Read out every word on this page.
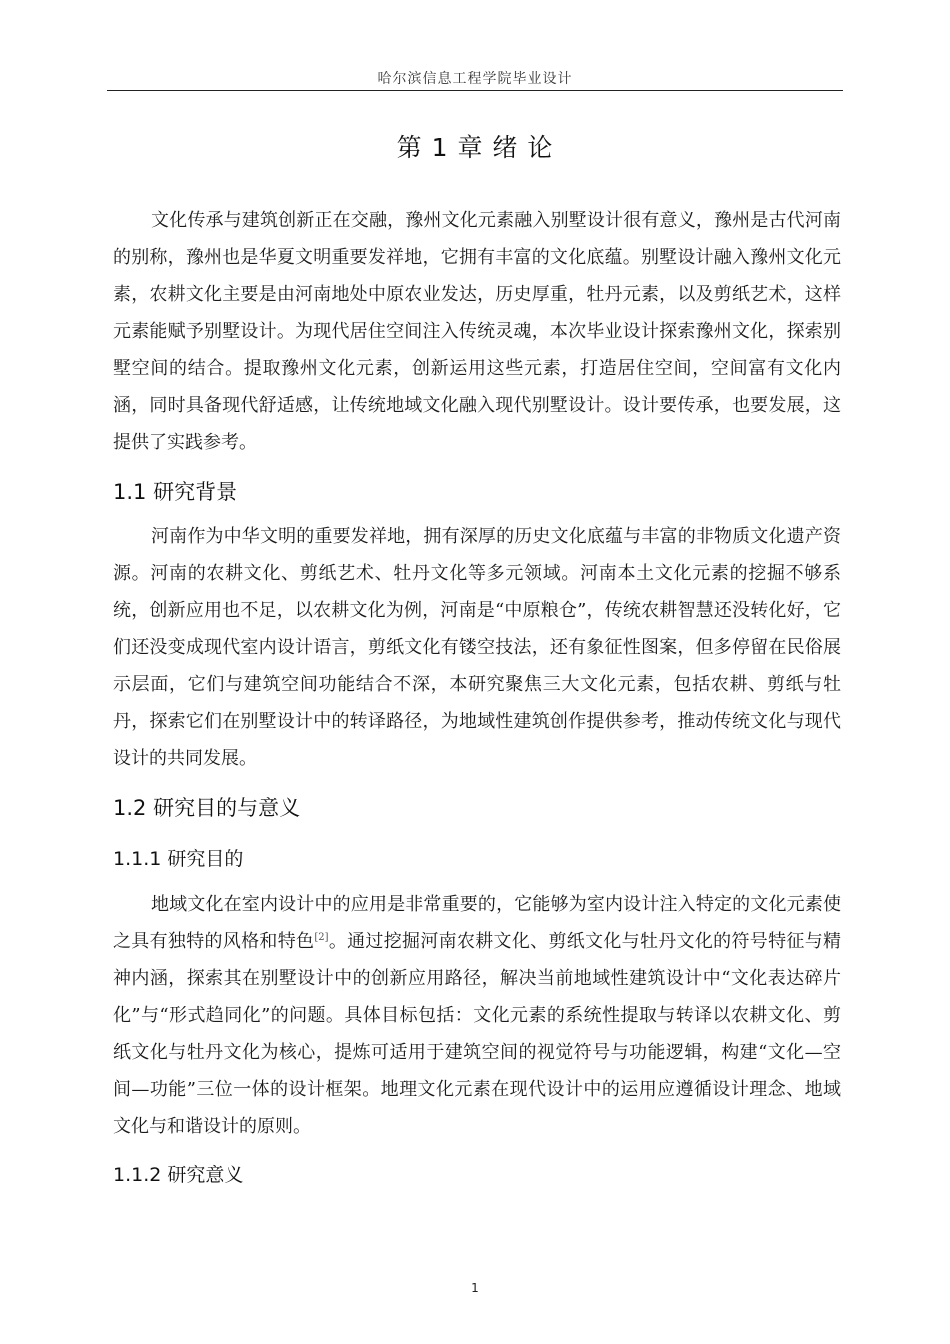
哈尔滨信息工程学院毕业设计
第 1 章 绪 论

文化传承与建筑创新正在交融，豫州文化元素融入别墅设计很有意义，豫州是古代河南的别称，豫州也是华夏文明重要发祥地，它拥有丰富的文化底蕴。别墅设计融入豫州文化元素，农耕文化主要是由河南地处中原农业发达，历史厚重，牡丹元素，以及剪纸艺术，这样元素能赋予别墅设计。为现代居住空间注入传统灵魂，本次毕业设计探索豫州文化，探索别墅空间的结合。提取豫州文化元素，创新运用这些元素，打造居住空间，空间富有文化内涵，同时具备现代舒适感，让传统地域文化融入现代别墅设计。设计要传承，也要发展，这提供了实践参考。

1.1 研究背景

河南作为中华文明的重要发祥地，拥有深厚的历史文化底蕴与丰富的非物质文化遗产资源。河南的农耕文化、剪纸艺术、牡丹文化等多元领域。河南本土文化元素的挖掘不够系统，创新应用也不足，以农耕文化为例，河南是“中原粮仓”，传统农耕智慧还没转化好，它们还没变成现代室内设计语言，剪纸文化有镂空技法，还有象征性图案，但多停留在民俗展示层面，它们与建筑空间功能结合不深，本研究聚焦三大文化元素，包括农耕、剪纸与牡丹，探索它们在别墅设计中的转译路径，为地域性建筑创作提供参考，推动传统文化与现代设计的共同发展。

1.2 研究目的与意义
1.1.1 研究目的

地域文化在室内设计中的应用是非常重要的，它能够为室内设计注入特定的文化元素使之具有独特的风格和特色[2]。通过挖掘河南农耕文化、剪纸文化与牡丹文化的符号特征与精神内涵，探索其在别墅设计中的创新应用路径，解决当前地域性建筑设计中“文化表达碎片化”与“形式趋同化”的问题。具体目标包括：文化元素的系统性提取与转译以农耕文化、剪纸文化与牡丹文化为核心，提炼可适用于建筑空间的视觉符号与功能逻辑，构建“文化—空间—功能”三位一体的设计框架。地理文化元素在现代设计中的运用应遵循设计理念、地域文化与和谐设计的原则。

1.1.2 研究意义
1
